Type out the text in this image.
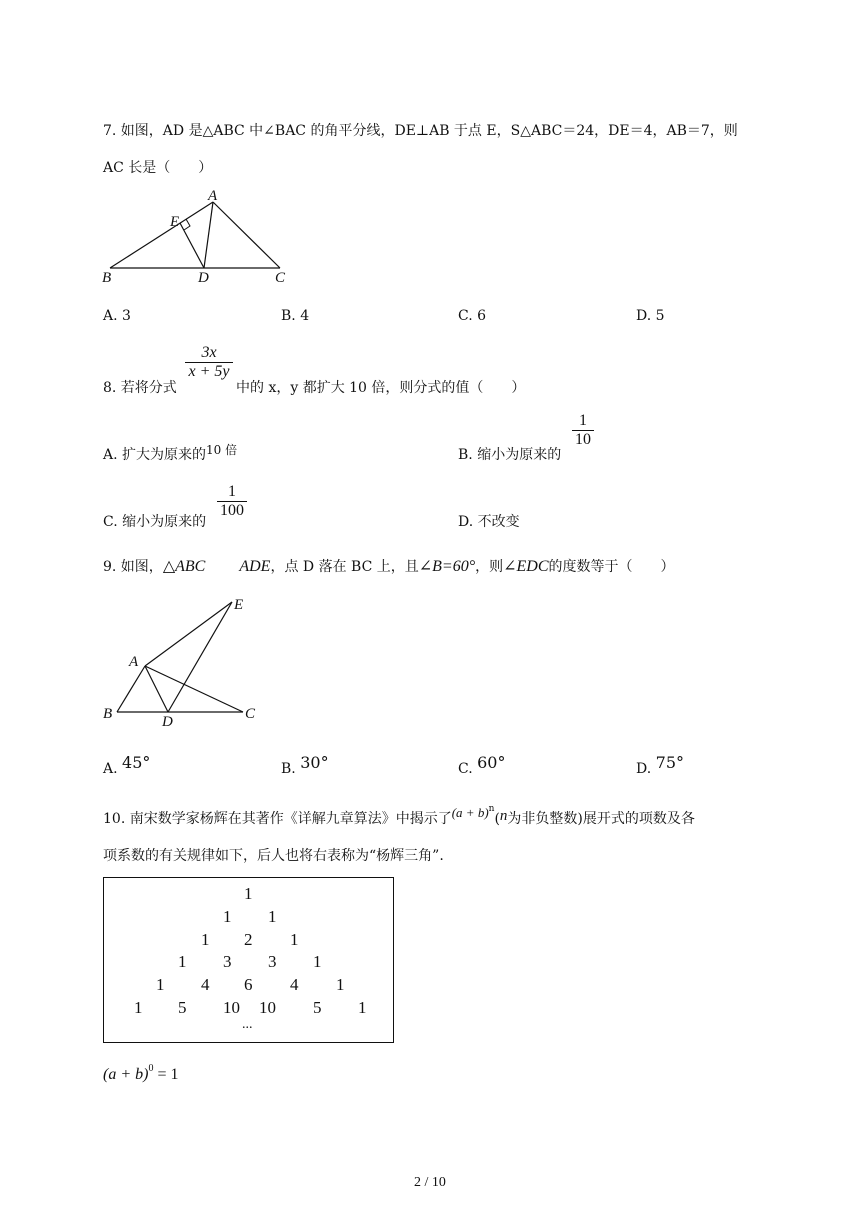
7. 如图，AD 是△ABC 中∠BAC 的角平分线，DE⊥AB 于点 E，S△ABC＝24，DE＝4，AB＝7，则
AC 长是（　　）
A
E
B	D	C
A. 3	B. 4	C. 6	D. 5
8. 若将分式
3x
x + 5y
中的 x，y 都扩大 10 倍，则分式的值（　　）
A. 扩大为原来的10 倍	B. 缩小为原来的
1
10
C. 缩小为原来的
1
100
D. 不改变
9. 如图，△ABC ADE，点 D 落在 BC 上，且∠B=60°，则∠EDC的度数等于（　　）
E
A
B	D	C
A. 45°	B. 30°	C. 60°	D. 75°
10. 南宋数学家杨辉在其著作《详解九章算法》中揭示了$(a + b)^n(n$为非负整数)展开式的项数及各
项系数的有关规律如下，后人也将右表称为“杨辉三角”.
1
1 1
1 2 1
1 3 3 1
1 4 6 4 1
1 5 10 10 5 1
...
$(a + b)^0 = 1$
2 / 10
